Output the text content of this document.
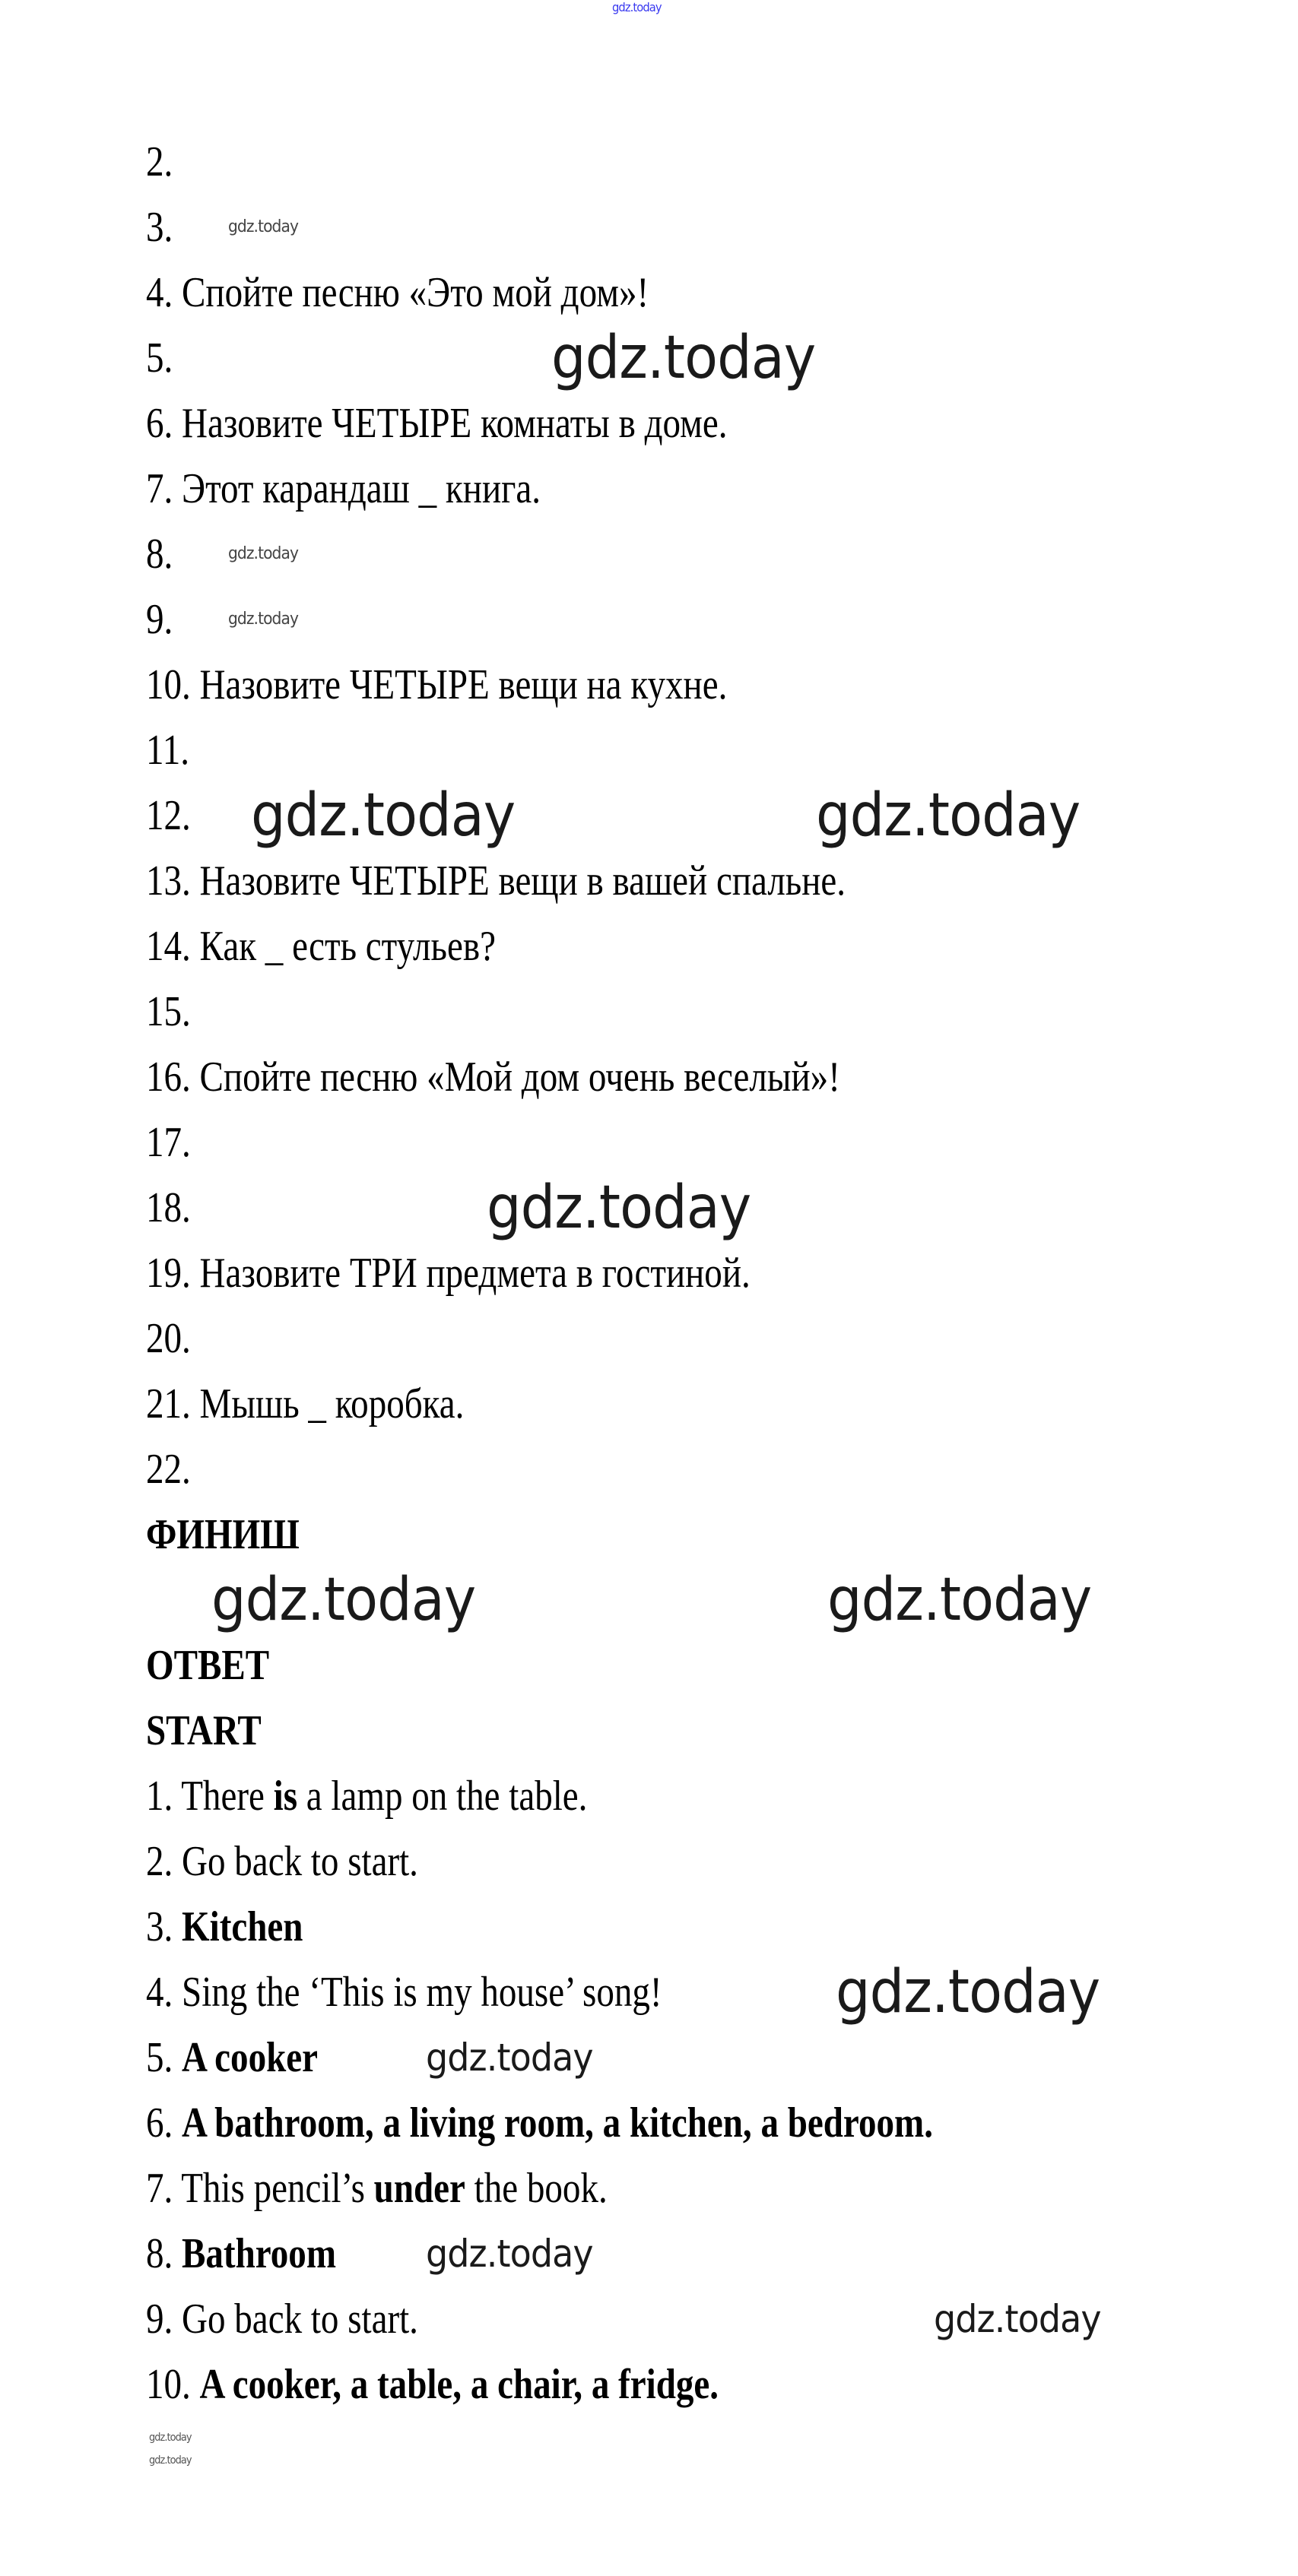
2.
3.
4. Спойте песню «Это мой дом»!
5.
6. Назовите ЧЕТЫРЕ комнаты в доме.
7. Этот карандаш _ книга.
8.
9.
10. Назовите ЧЕТЫРЕ вещи на кухне.
11.
12.
13. Назовите ЧЕТЫРЕ вещи в вашей спальне.
14. Как _ есть стульев?
15.
16. Спойте песню «Мой дом очень веселый»!
17.
18.
19. Назовите ТРИ предмета в гостиной.
20.
21. Мышь _ коробка.
22.
ФИНИШ
ОТВЕТ
START
1. There is a lamp on the table.
2. Go back to start.
3. Kitchen
4. Sing the ‘This is my house’ song!
5. A cooker
6. A bathroom, a living room, a kitchen, a bedroom.
7. This pencil’s under the book.
8. Bathroom
9. Go back to start.
10. A cooker, a table, a chair, a fridge.
gdz.today
gdz.today
gdz.today
gdz.today
gdz.today
gdz.today	gdz.today
gdz.today
gdz.today	gdz.today
gdz.today
gdz.today
gdz.today
gdz.today
gdz.today
gdz.today
